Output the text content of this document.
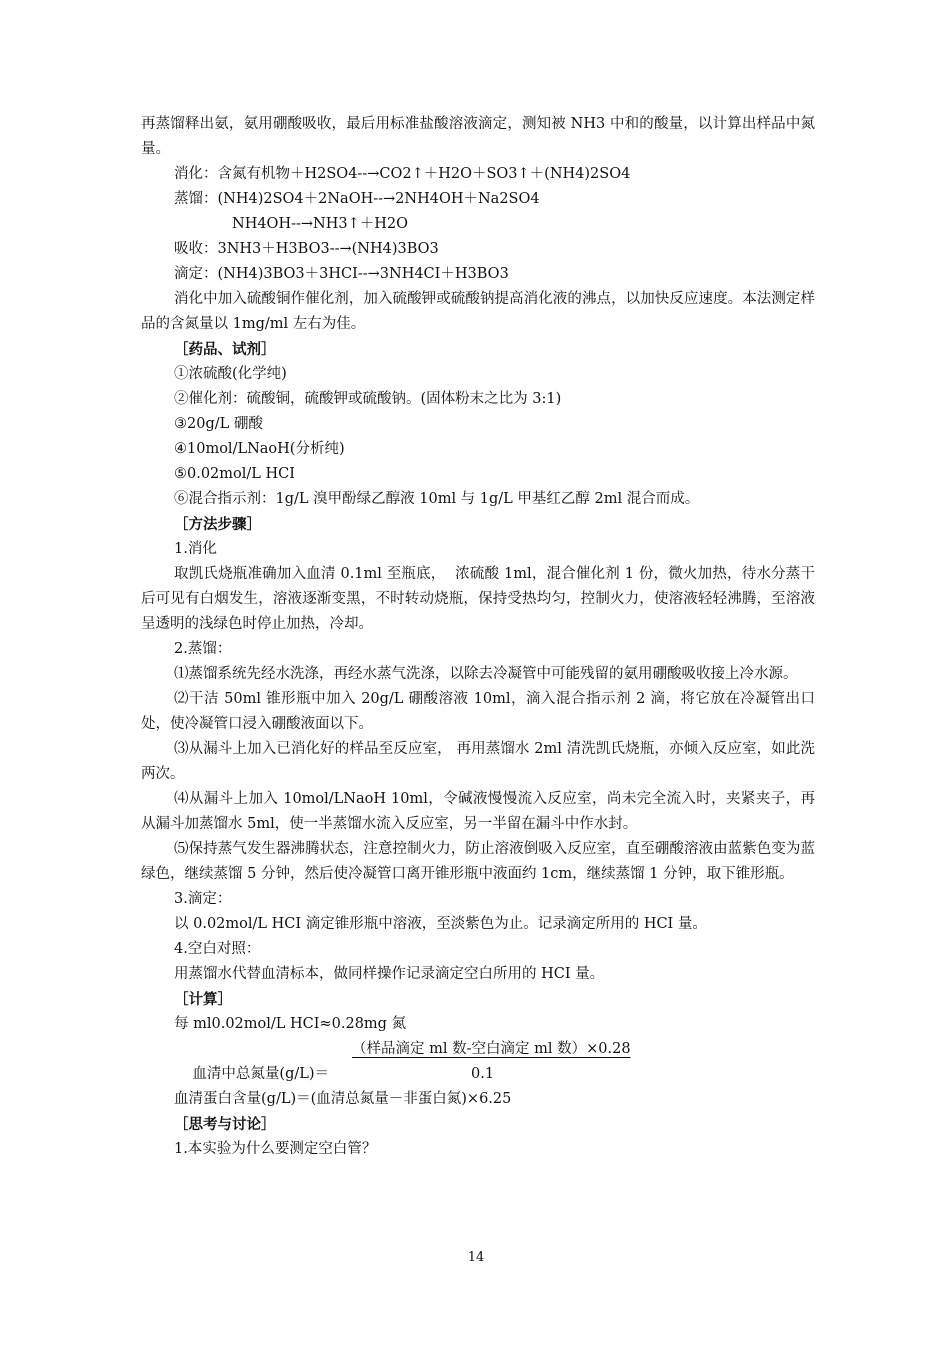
再蒸馏释出氨，氨用硼酸吸收，最后用标准盐酸溶液滴定，测知被 NH3 中和的酸量，以计算出样品中氮量。

消化：含氮有机物＋H2SO4--→CO2↑＋H2O＋SO3↑＋(NH4)2SO4

蒸馏：(NH4)2SO4＋2NaOH--→2NH4OH＋Na2SO4

NH4OH--→NH3↑＋H2O

吸收：3NH3＋H3BO3--→(NH4)3BO3

滴定：(NH4)3BO3＋3HCI--→3NH4CI＋H3BO3

消化中加入硫酸铜作催化剂，加入硫酸钾或硫酸钠提高消化液的沸点，以加快反应速度。本法测定样品的含氮量以 1mg/ml 左右为佳。

［药品、试剂］

①浓硫酸(化学纯)

②催化剂：硫酸铜，硫酸钾或硫酸钠。(固体粉末之比为 3:1)

③20g/L 硼酸

④10mol/LNaoH(分析纯)

⑤0.02mol/L HCI

⑥混合指示剂：1g/L 溴甲酚绿乙醇液 10ml 与 1g/L 甲基红乙醇 2ml 混合而成。

［方法步骤］

1.消化

取凯氏烧瓶准确加入血清 0.1ml 至瓶底，  浓硫酸 1ml，混合催化剂 1 份，微火加热，待水分蒸干后可见有白烟发生，溶液逐渐变黑，不时转动烧瓶，保持受热均匀，控制火力，使溶液轻轻沸腾，至溶液呈透明的浅绿色时停止加热，冷却。

2.蒸馏：

⑴蒸馏系统先经水洗涤，再经水蒸气洗涤，以除去冷凝管中可能残留的氨用硼酸吸收接上冷水源。

⑵干洁 50ml 锥形瓶中加入 20g/L 硼酸溶液 10ml，滴入混合指示剂 2 滴，将它放在冷凝管出口处，使冷凝管口浸入硼酸液面以下。

⑶从漏斗上加入已消化好的样品至反应室， 再用蒸馏水 2ml 清洗凯氏烧瓶，亦倾入反应室，如此洗两次。

⑷从漏斗上加入 10mol/LNaoH 10ml，令碱液慢慢流入反应室，尚未完全流入时，夹紧夹子，再从漏斗加蒸馏水 5ml，使一半蒸馏水流入反应室，另一半留在漏斗中作水封。

⑸保持蒸气发生器沸腾状态，注意控制火力，防止溶液倒吸入反应室，直至硼酸溶液由蓝紫色变为蓝绿色，继续蒸馏 5 分钟，然后使冷凝管口离开锥形瓶中液面约 1cm，继续蒸馏 1 分钟，取下锥形瓶。

3.滴定：

以 0.02mol/L HCI 滴定锥形瓶中溶液，至淡紫色为止。记录滴定所用的 HCI 量。

4.空白对照：

用蒸馏水代替血清标本，做同样操作记录滴定空白所用的 HCI 量。

［计算］

每 ml0.02mol/L HCI≈0.28mg 氮

血清中总氮量(g/L)＝

（样品滴定 ml 数-空白滴定 ml 数）×0.28

0.1

血清蛋白含量(g/L)＝(血清总氮量－非蛋白氮)×6.25

［思考与讨论］

1.本实验为什么要测定空白管？

14
